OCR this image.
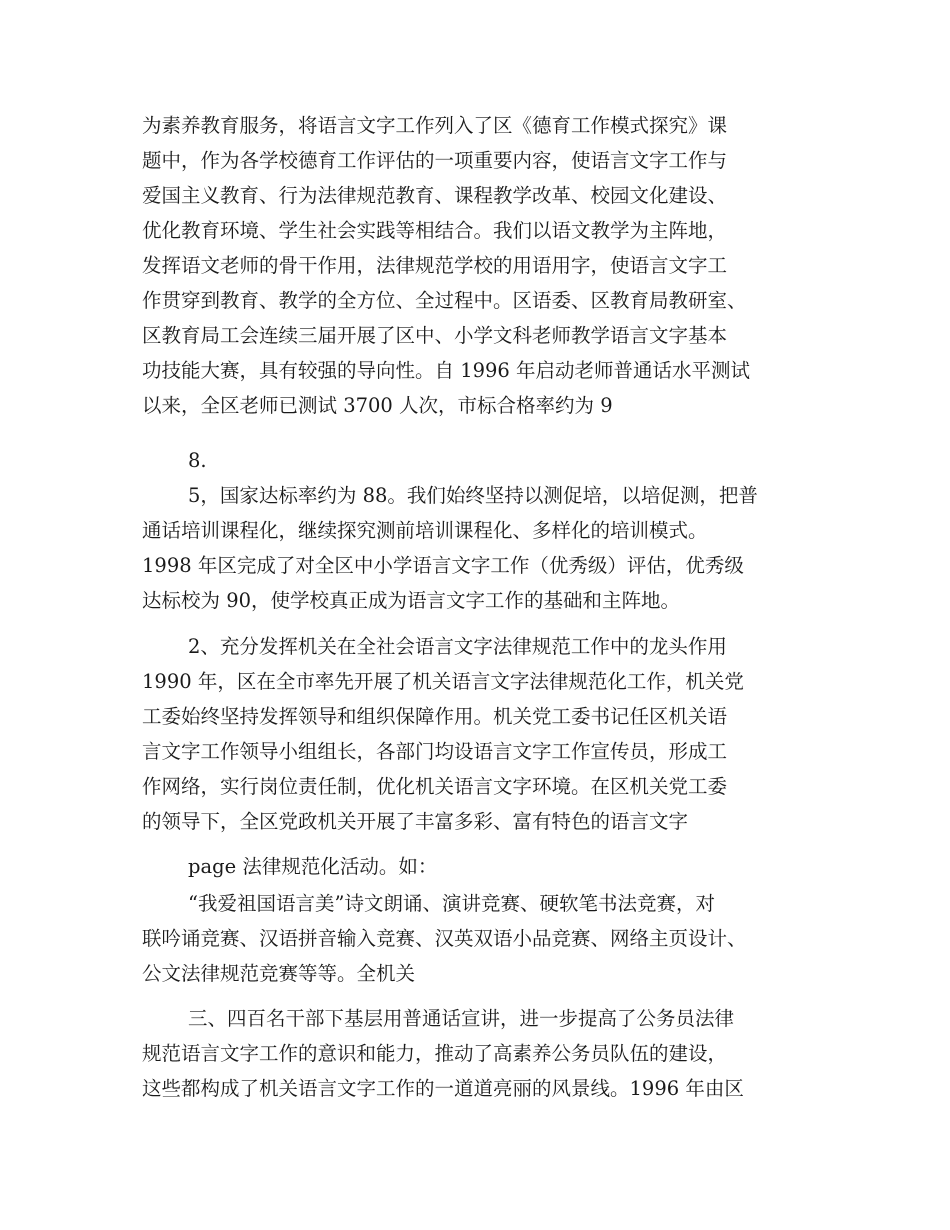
为素养教育服务，将语言文字工作列入了区《德育工作模式探究》课
题中，作为各学校德育工作评估的一项重要内容，使语言文字工作与
爱国主义教育、行为法律规范教育、课程教学改革、校园文化建设、
优化教育环境、学生社会实践等相结合。我们以语文教学为主阵地，
发挥语文老师的骨干作用，法律规范学校的用语用字，使语言文字工
作贯穿到教育、教学的全方位、全过程中。区语委、区教育局教研室、
区教育局工会连续三届开展了区中、小学文科老师教学语言文字基本
功技能大赛，具有较强的导向性。自 1996 年启动老师普通话水平测试
以来，全区老师已测试 3700 人次，市标合格率约为 9
8.
5，国家达标率约为 88。我们始终坚持以测促培，以培促测，把普
通话培训课程化，继续探究测前培训课程化、多样化的培训模式。
1998 年区完成了对全区中小学语言文字工作（优秀级）评估，优秀级
达标校为 90，使学校真正成为语言文字工作的基础和主阵地。
2、充分发挥机关在全社会语言文字法律规范工作中的龙头作用
1990 年，区在全市率先开展了机关语言文字法律规范化工作，机关党
工委始终坚持发挥领导和组织保障作用。机关党工委书记任区机关语
言文字工作领导小组组长，各部门均设语言文字工作宣传员，形成工
作网络，实行岗位责任制，优化机关语言文字环境。在区机关党工委
的领导下，全区党政机关开展了丰富多彩、富有特色的语言文字
page 法律规范化活动。如：
“我爱祖国语言美”诗文朗诵、演讲竞赛、硬软笔书法竞赛，对
联吟诵竞赛、汉语拼音输入竞赛、汉英双语小品竞赛、网络主页设计、
公文法律规范竞赛等等。全机关
三、四百名干部下基层用普通话宣讲，进一步提高了公务员法律
规范语言文字工作的意识和能力，推动了高素养公务员队伍的建设，
这些都构成了机关语言文字工作的一道道亮丽的风景线。1996 年由区
